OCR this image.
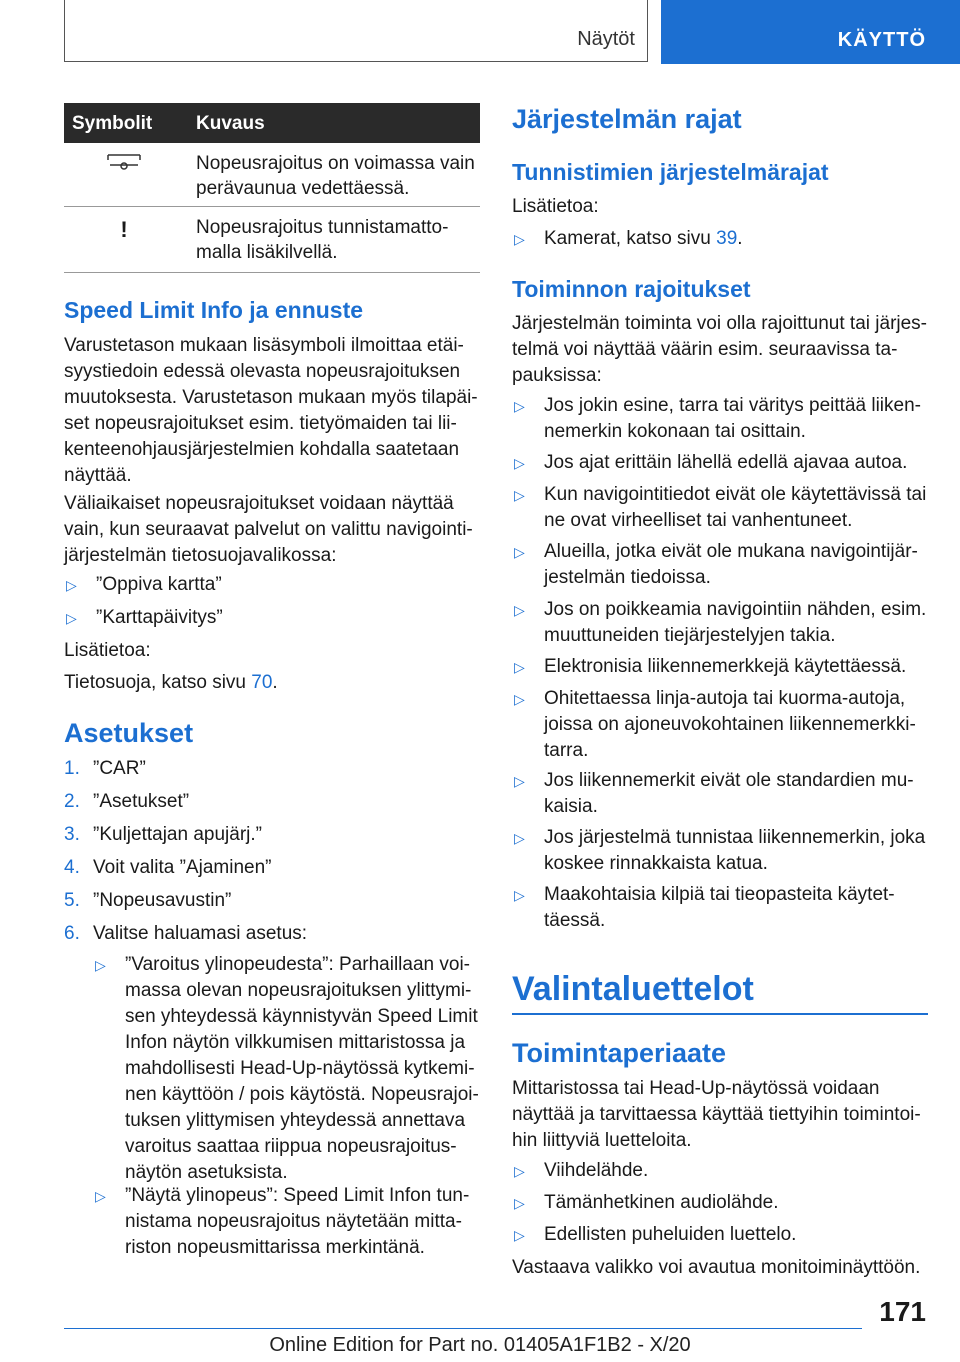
Näytöt	KÄYTTÖ
Symbolit Kuvaus
Nopeusrajoitus on voimassa vain
perävaunua vedettäessä.
!	Nopeusrajoitus tunnistamatto‐
malla lisäkilvellä.
Speed Limit Info ja ennuste
Varustetason mukaan lisäsymboli ilmoittaa etäi‐
syystiedoin edessä olevasta nopeusrajoituksen
muutoksesta. Varustetason mukaan myös tilapäi‐
set nopeusrajoitukset esim. tietyömaiden tai lii‐
kenteenohjausjärjestelmien kohdalla saatetaan
näyttää.
Väliaikaiset nopeusrajoitukset voidaan näyttää
vain, kun seuraavat palvelut on valittu navigointi‐
järjestelmän tietosuojavalikossa:
▷ ”Oppiva kartta”
▷ ”Karttapäivitys”
Lisätietoa:
Tietosuoja, katso sivu 70.
Asetukset
1. ”CAR”
2. ”Asetukset”
3. ”Kuljettajan apujärj.”
4. Voit valita ”Ajaminen”
5. ”Nopeusavustin”
6. Valitse haluamasi asetus:
▷ ”Varoitus ylinopeudesta”: Parhaillaan voi‐
massa olevan nopeusrajoituksen ylittymi‐
sen yhteydessä käynnistyvän Speed Limit
Infon näytön vilkkumisen mittaristossa ja
mahdollisesti Head-Up-näytössä kytkemi‐
nen käyttöön / pois käytöstä. Nopeusrajoi‐
tuksen ylittymisen yhteydessä annettava
varoitus saattaa riippua nopeusrajoitus‐
näytön asetuksista.
▷ ”Näytä ylinopeus”: Speed Limit Infon tun‐
nistama nopeusrajoitus näytetään mitta‐
riston nopeusmittarissa merkintänä.
Järjestelmän rajat
Tunnistimien järjestelmärajat
Lisätietoa:
▷ Kamerat, katso sivu 39.
Toiminnon rajoitukset
Järjestelmän toiminta voi olla rajoittunut tai järjes‐
telmä voi näyttää väärin esim. seuraavissa ta‐
pauksissa:
▷ Jos jokin esine, tarra tai väritys peittää liiken‐
nemerkin kokonaan tai osittain.
▷ Jos ajat erittäin lähellä edellä ajavaa autoa.
▷ Kun navigointitiedot eivät ole käytettävissä tai
ne ovat virheelliset tai vanhentuneet.
▷ Alueilla, jotka eivät ole mukana navigointijär‐
jestelmän tiedoissa.
▷ Jos on poikkeamia navigointiin nähden, esim.
muuttuneiden tiejärjestelyjen takia.
▷ Elektronisia liikennemerkkejä käytettäessä.
▷ Ohitettaessa linja-autoja tai kuorma-autoja,
joissa on ajoneuvokohtainen liikennemerkki‐
tarra.
▷ Jos liikennemerkit eivät ole standardien mu‐
kaisia.
▷ Jos järjestelmä tunnistaa liikennemerkin, joka
koskee rinnakkaista katua.
▷ Maakohtaisia kilpiä tai tieopasteita käytet‐
täessä.
Valintaluettelot
Toimintaperiaate
Mittaristossa tai Head-Up-näytössä voidaan
näyttää ja tarvittaessa käyttää tiettyihin toimintoi‐
hin liittyviä luetteloita.
▷ Viihdelähde.
▷ Tämänhetkinen audiolähde.
▷ Edellisten puheluiden luettelo.
Vastaava valikko voi avautua monitoiminäyttöön.
171
Online Edition for Part no. 01405A1F1B2 - X/20
